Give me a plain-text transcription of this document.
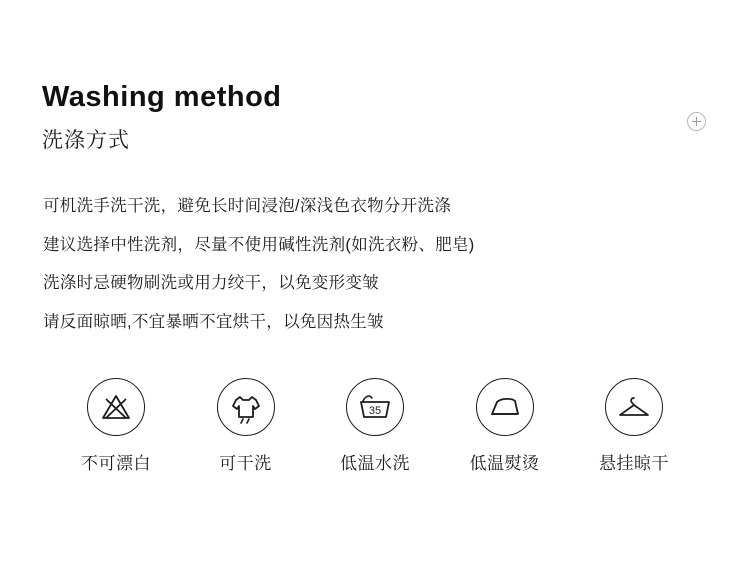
Washing method
洗涤方式
可机洗手洗干洗，避免长时间浸泡/深浅色衣物分开洗涤
建议选择中性洗剂，尽量不使用碱性洗剂(如洗衣粉、肥皂)
洗涤时忌硬物刷洗或用力绞干，以免变形变皱
请反面晾晒,不宜暴晒不宜烘干，以免因热生皱
不可漂白	可干洗
35
低温水洗	低温熨烫	悬挂晾干
